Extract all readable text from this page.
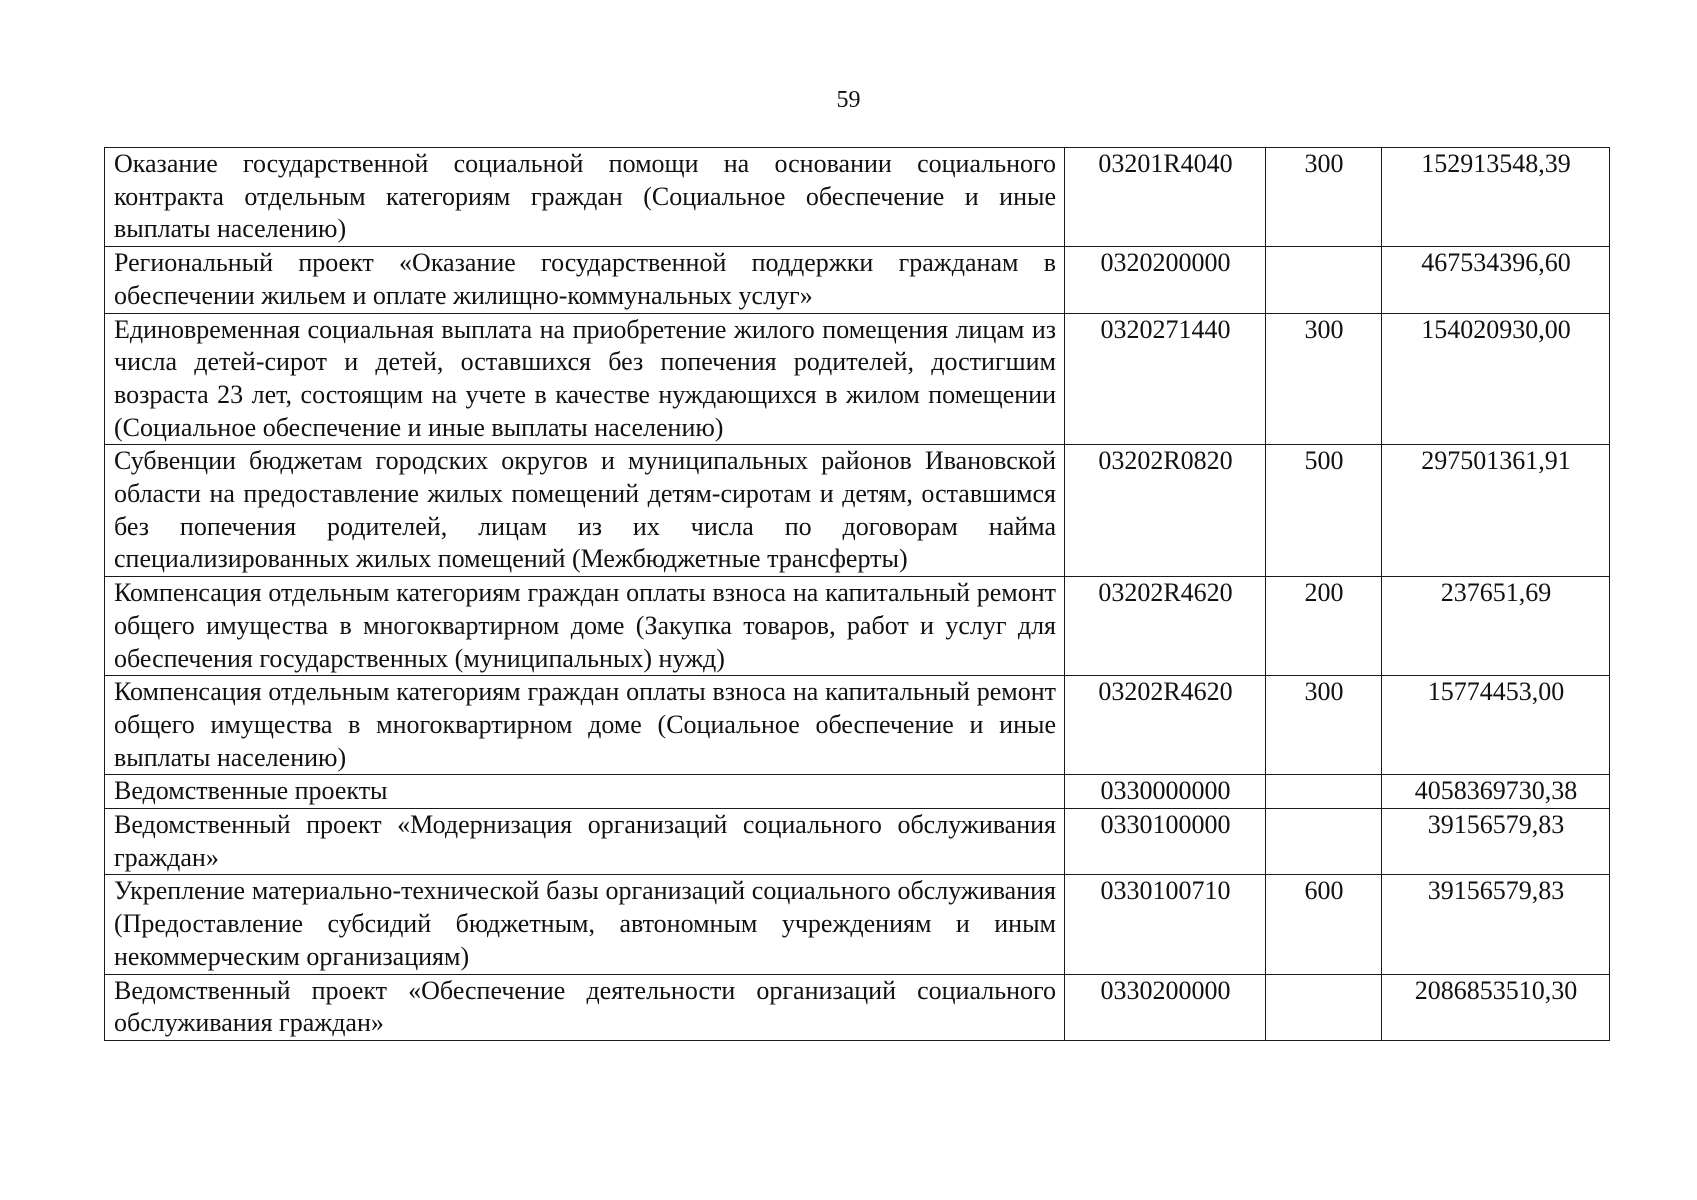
59
Оказание государственной социальной помощи на основании социального контракта отдельным категориям граждан (Социальное обеспечение и иные выплаты населению)	03201R4040	300	152913548,39
Региональный проект «Оказание государственной поддержки гражданам в обеспечении жильем и оплате жилищно-коммунальных услуг»	0320200000		467534396,60
Единовременная социальная выплата на приобретение жилого помещения лицам из числа детей-сирот и детей, оставшихся без попечения родителей, достигшим возраста 23 лет, состоящим на учете в качестве нуждающихся в жилом помещении (Социальное обеспечение и иные выплаты населению)	0320271440	300	154020930,00
Субвенции бюджетам городских округов и муниципальных районов Ивановской области на предоставление жилых помещений детям-сиротам и детям, оставшимся без попечения родителей, лицам из их числа по договорам найма специализированных жилых помещений (Межбюджетные трансферты)	03202R0820	500	297501361,91
Компенсация отдельным категориям граждан оплаты взноса на капитальный ремонт общего имущества в многоквартирном доме (Закупка товаров, работ и услуг для обеспечения государственных (муниципальных) нужд)	03202R4620	200	237651,69
Компенсация отдельным категориям граждан оплаты взноса на капитальный ремонт общего имущества в многоквартирном доме (Социальное обеспечение и иные выплаты населению)	03202R4620	300	15774453,00
Ведомственные проекты	0330000000		4058369730,38
Ведомственный проект «Модернизация организаций социального обслуживания граждан»	0330100000		39156579,83
Укрепление материально-технической базы организаций социального обслуживания (Предоставление субсидий бюджетным, автономным учреждениям и иным некоммерческим организациям)	0330100710	600	39156579,83
Ведомственный проект «Обеспечение деятельности организаций социального обслуживания граждан»	0330200000		2086853510,30
